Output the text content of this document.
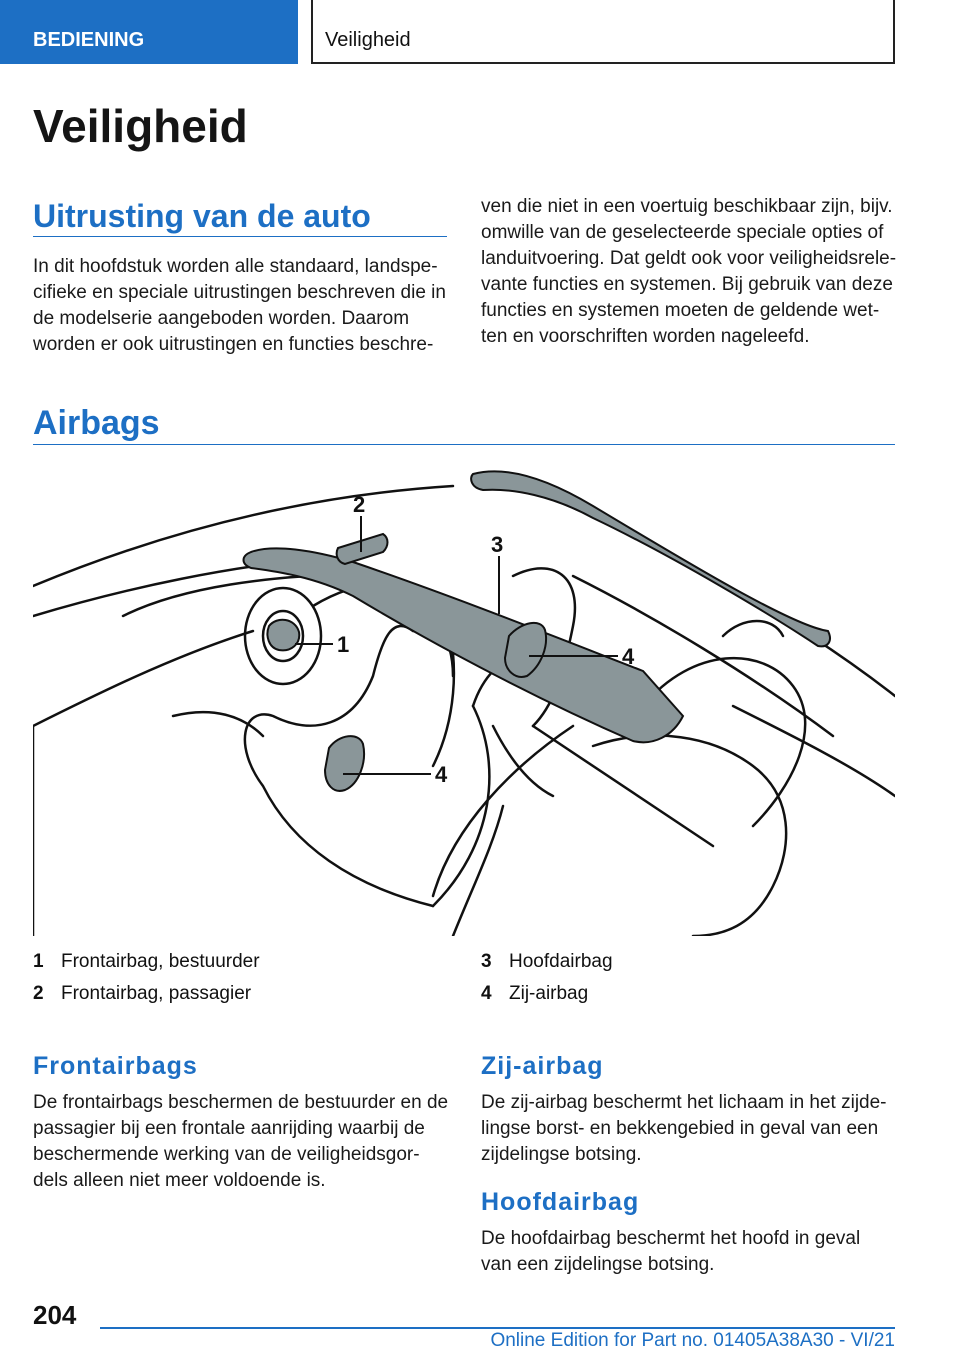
BEDIENING	Veiligheid
Veiligheid
Uitrusting van de auto

In dit hoofdstuk worden alle standaard, landspe-cifieke en speciale uitrustingen beschreven die in de modelserie aangeboden worden. Daarom worden er ook uitrustingen en functies beschre-

ven die niet in een voertuig beschikbaar zijn, bijv. omwille van de geselecteerde speciale opties of landuitvoering. Dat geldt ook voor veiligheidsrele-vante functies en systemen. Bij gebruik van deze functies en systemen moeten de geldende wet-ten en voorschriften worden nageleefd.

Airbags
1
2
3
4
4
1 Frontairbag, bestuurder
2 Frontairbag, passagier
3 Hoofdairbag
4 Zij-airbag
Frontairbags

De frontairbags beschermen de bestuurder en de passagier bij een frontale aanrijding waarbij de beschermende werking van de veiligheidsgor-dels alleen niet meer voldoende is.

Zij-airbag

De zij-airbag beschermt het lichaam in het zijde-lingse borst- en bekkengebied in geval van een zijdelingse botsing.

Hoofdairbag

De hoofdairbag beschermt het hoofd in geval van een zijdelingse botsing.

204
Online Edition for Part no. 01405A38A30 - VI/21
